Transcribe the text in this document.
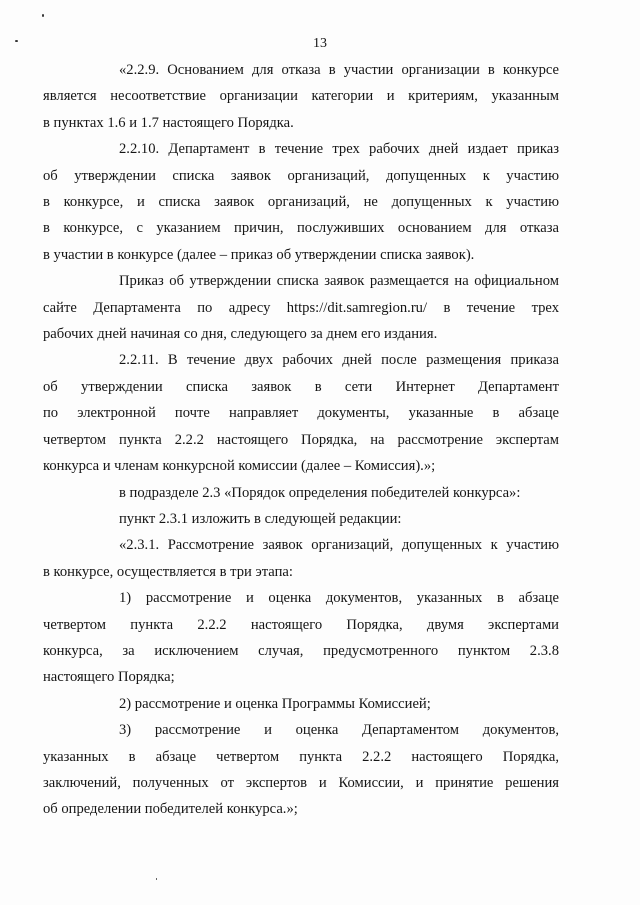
13

«2.2.9. Основанием для отказа в участии организации в конкурсе
является несоответствие организации категории и критериям, указанным
в пунктах 1.6 и 1.7 настоящего Порядка.

2.2.10. Департамент в течение трех рабочих дней издает приказ
об утверждении списка заявок организаций, допущенных к участию
в конкурсе, и списка заявок организаций, не допущенных к участию
в конкурсе, с указанием причин, послуживших основанием для отказа
в участии в конкурсе (далее – приказ об утверждении списка заявок).

Приказ об утверждении списка заявок размещается на официальном
сайте Департамента по адресу https://dit.samregion.ru/ в течение трех
рабочих дней начиная со дня, следующего за днем его издания.

2.2.11. В течение двух рабочих дней после размещения приказа
об утверждении списка заявок в сети Интернет Департамент
по электронной почте направляет документы, указанные в абзаце
четвертом пункта 2.2.2 настоящего Порядка, на рассмотрение экспертам
конкурса и членам конкурсной комиссии (далее – Комиссия).»;

в подразделе 2.3 «Порядок определения победителей конкурса»:

пункт 2.3.1 изложить в следующей редакции:

«2.3.1. Рассмотрение заявок организаций, допущенных к участию
в конкурсе, осуществляется в три этапа:

1) рассмотрение и оценка документов, указанных в абзаце
четвертом пункта 2.2.2 настоящего Порядка, двумя экспертами
конкурса, за исключением случая, предусмотренного пунктом 2.3.8
настоящего Порядка;

2) рассмотрение и оценка Программы Комиссией;

3) рассмотрение и оценка Департаментом документов,
указанных в абзаце четвертом пункта 2.2.2 настоящего Порядка,
заключений, полученных от экспертов и Комиссии, и принятие решения
об определении победителей конкурса.»;
